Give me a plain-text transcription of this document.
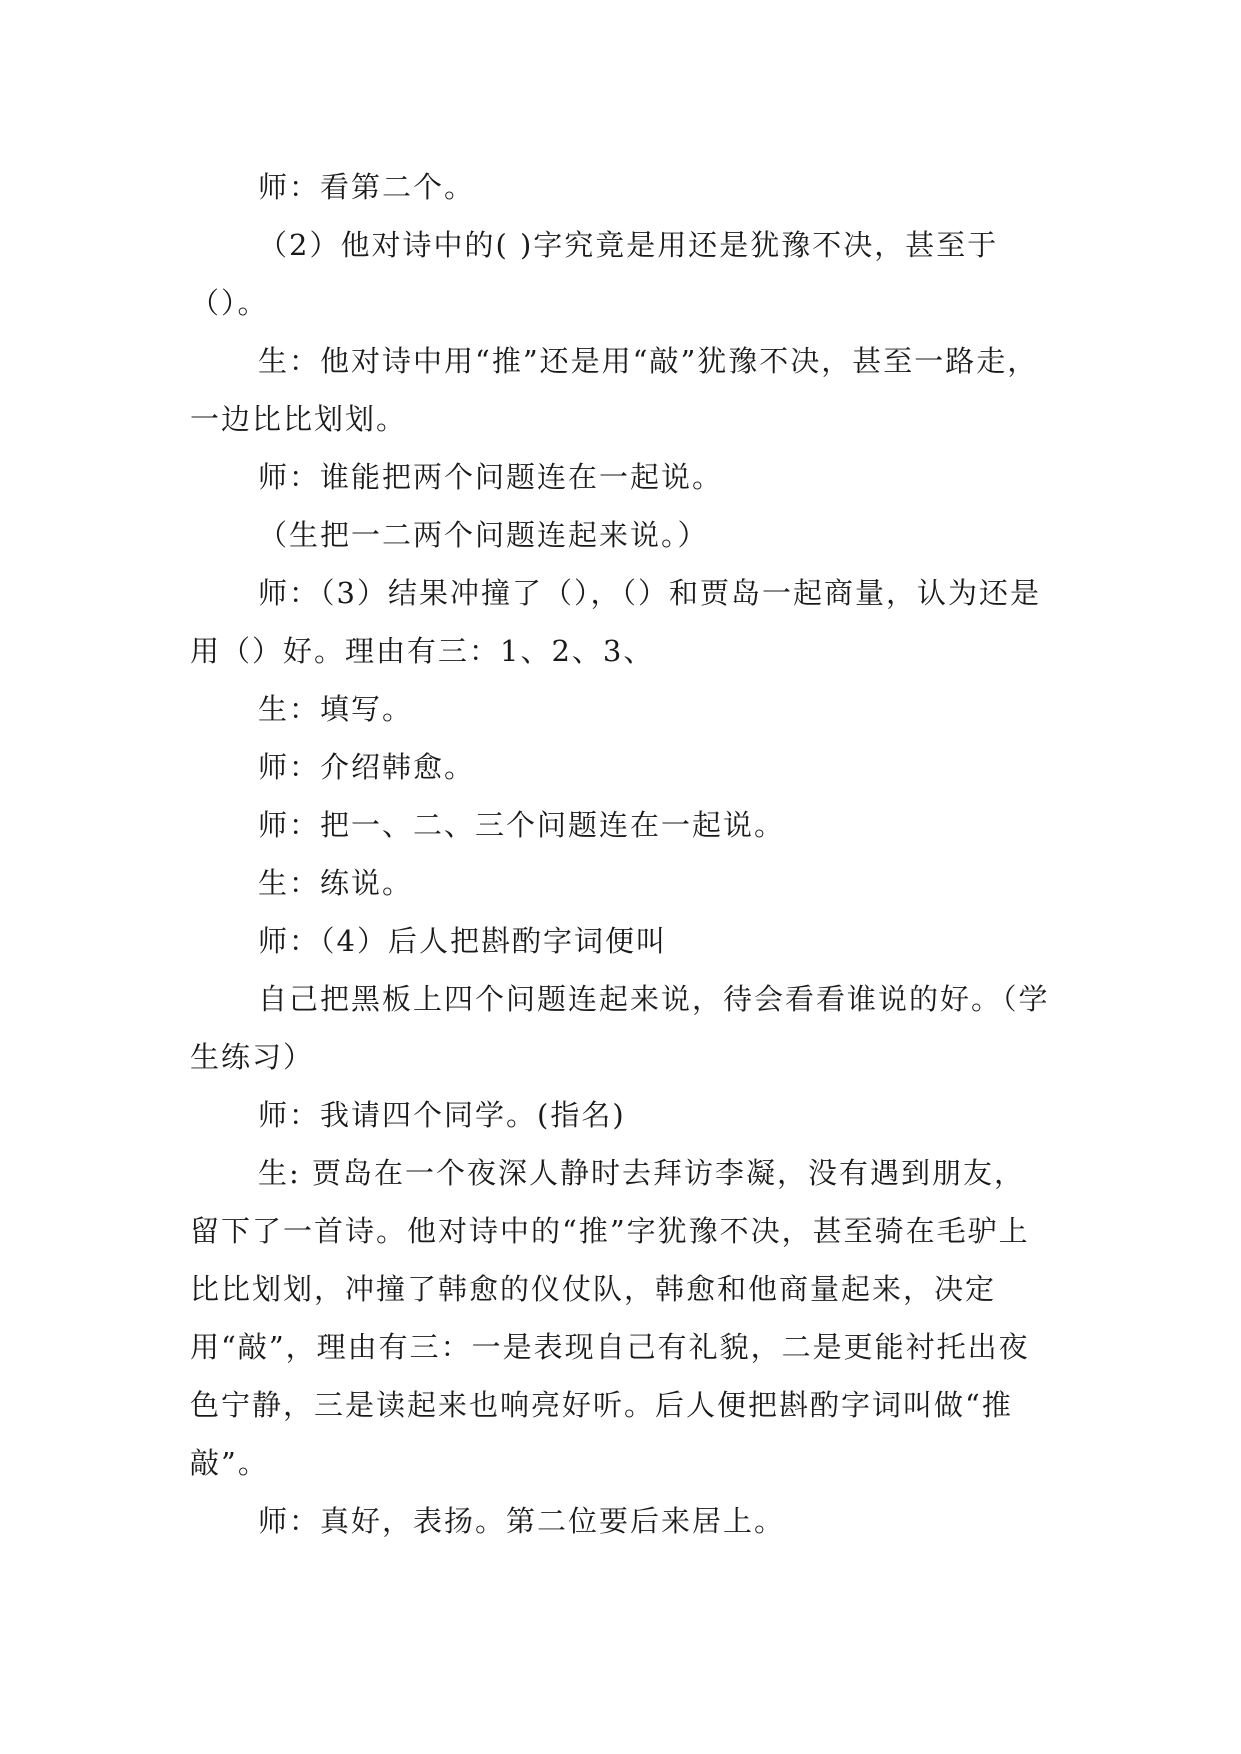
师：看第二个。

（2）他对诗中的( )字究竟是用还是犹豫不决，甚至于（）。

生：他对诗中用“推”还是用“敲”犹豫不决，甚至一路走，一边比比划划。

师：谁能把两个问题连在一起说。

（生把一二两个问题连起来说。）

师：（3）结果冲撞了（），（）和贾岛一起商量，认为还是用（）好。理由有三：1、2、3、

生：填写。

师：介绍韩愈。

师：把一、二、三个问题连在一起说。

生：练说。

师：（4）后人把斟酌字词便叫

自己把黑板上四个问题连起来说，待会看看谁说的好。（学生练习）

师：我请四个同学。(指名)

生: 贾岛在一个夜深人静时去拜访李凝，没有遇到朋友，留下了一首诗。他对诗中的“推”字犹豫不决，甚至骑在毛驴上比比划划，冲撞了韩愈的仪仗队，韩愈和他商量起来，决定用“敲”，理由有三：一是表现自己有礼貌，二是更能衬托出夜色宁静，三是读起来也响亮好听。后人便把斟酌字词叫做“推敲”。

师：真好，表扬。第二位要后来居上。
